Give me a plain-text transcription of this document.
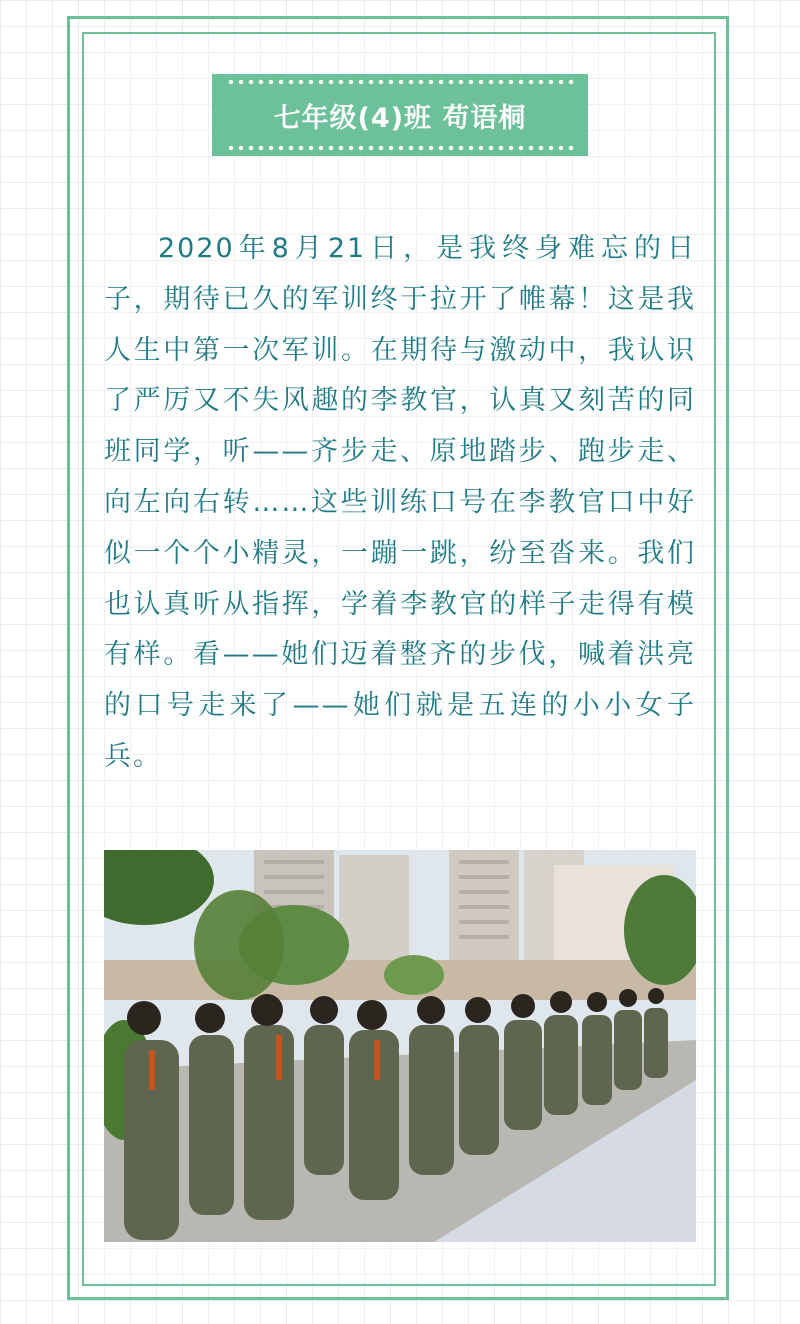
七年级(4)班 苟语桐

2020年8月21日，是我终身难忘的日子，期待已久的军训终于拉开了帷幕！这是我人生中第一次军训。在期待与激动中，我认识了严厉又不失风趣的李教官，认真又刻苦的同班同学，听——齐步走、原地踏步、跑步走、向左向右转……这些训练口号在李教官口中好似一个个小精灵，一蹦一跳，纷至沓来。我们也认真听从指挥，学着李教官的样子走得有模有样。看——她们迈着整齐的步伐，喊着洪亮的口号走来了——她们就是五连的小小女子兵。
